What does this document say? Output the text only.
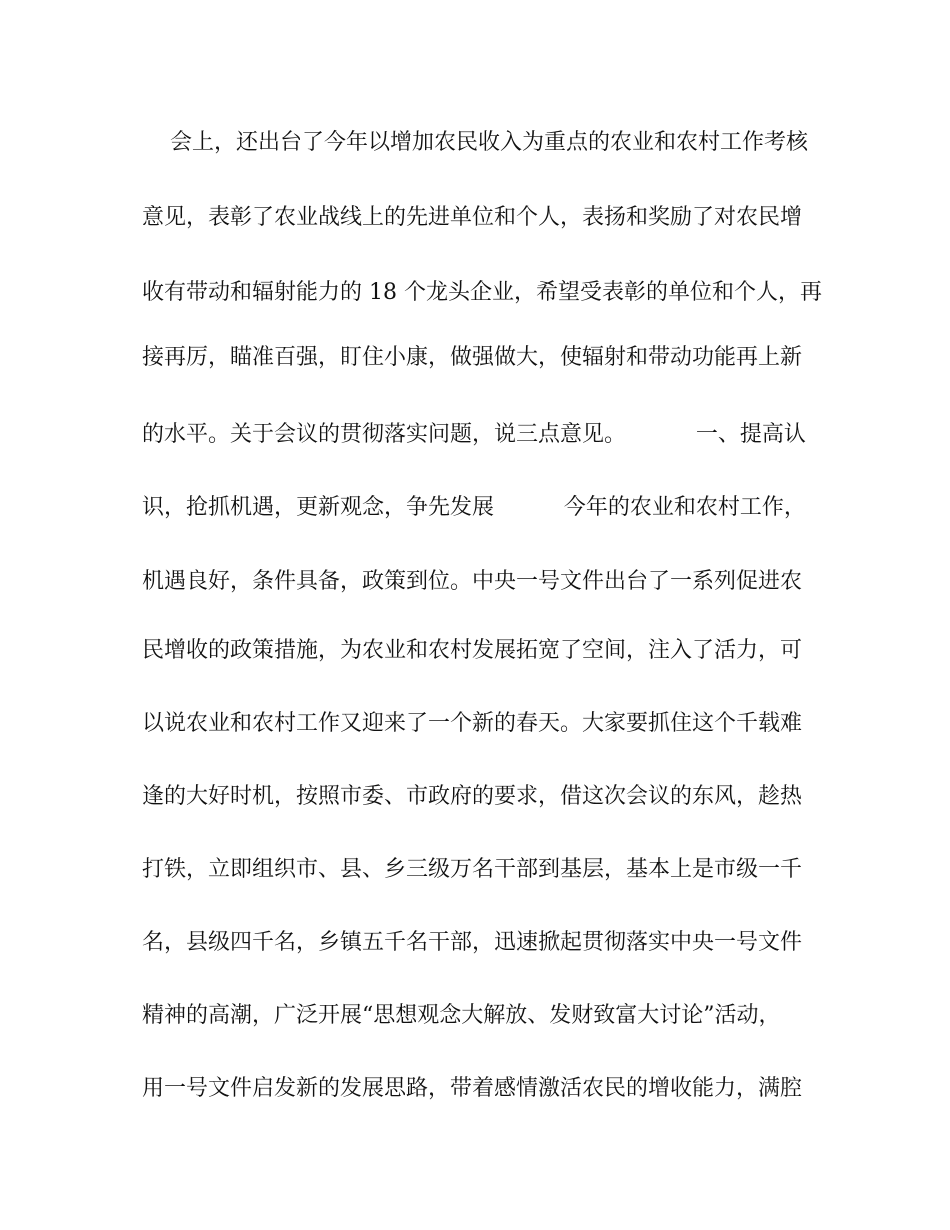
会上，还出台了今年以增加农民收入为重点的农业和农村工作考核

意见，表彰了农业战线上的先进单位和个人，表扬和奖励了对农民增

收有带动和辐射能力的 18 个龙头企业，希望受表彰的单位和个人，再

接再厉，瞄准百强，盯住小康，做强做大，使辐射和带动功能再上新

的水平。关于会议的贯彻落实问题，说三点意见。          一、提高认

识，抢抓机遇，更新观念，争先发展          今年的农业和农村工作，

机遇良好，条件具备，政策到位。中央一号文件出台了一系列促进农

民增收的政策措施，为农业和农村发展拓宽了空间，注入了活力，可

以说农业和农村工作又迎来了一个新的春天。大家要抓住这个千载难

逢的大好时机，按照市委、市政府的要求，借这次会议的东风，趁热

打铁，立即组织市、县、乡三级万名干部到基层，基本上是市级一千

名，县级四千名，乡镇五千名干部，迅速掀起贯彻落实中央一号文件

精神的高潮，广泛开展“思想观念大解放、发财致富大讨论”活动，

用一号文件启发新的发展思路，带着感情激活农民的增收能力，满腔
